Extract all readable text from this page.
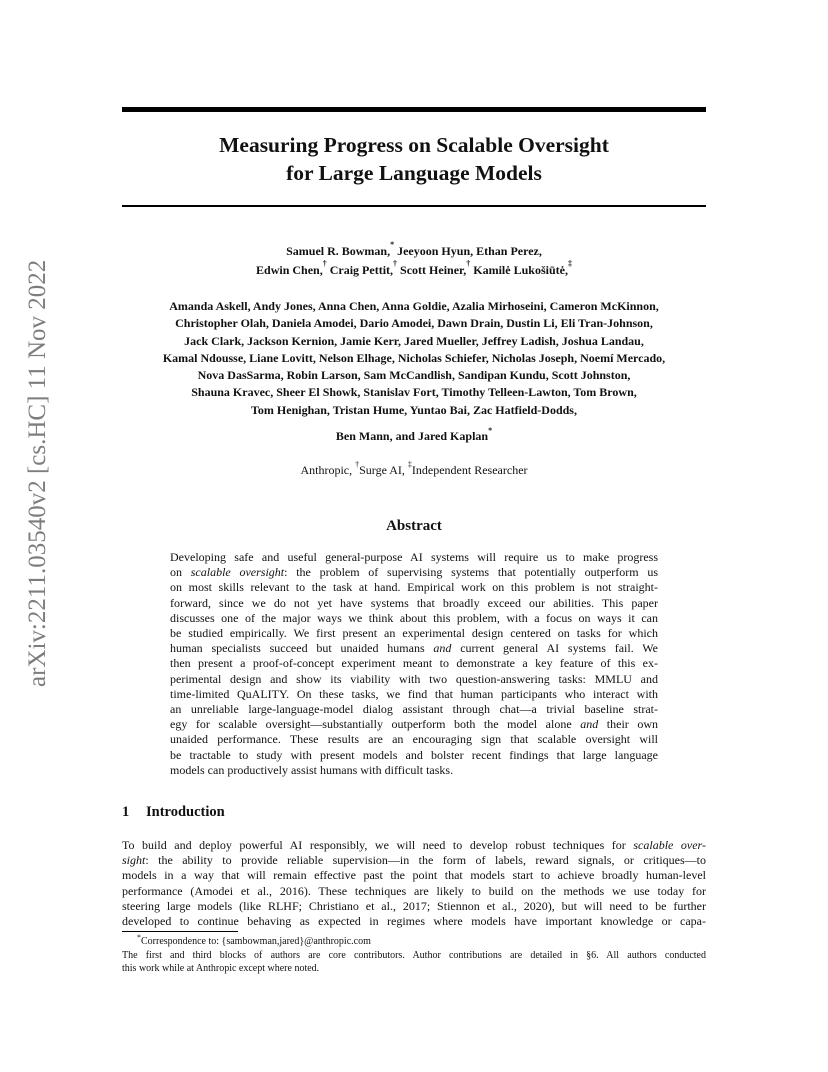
arXiv:2211.03540v2 [cs.HC] 11 Nov 2022
Measuring Progress on Scalable Oversight
for Large Language Models
Samuel R. Bowman,* Jeeyoon Hyun, Ethan Perez,
Edwin Chen,† Craig Pettit,† Scott Heiner,† Kamilė Lukošiūtė,‡
Amanda Askell, Andy Jones, Anna Chen, Anna Goldie, Azalia Mirhoseini, Cameron McKinnon,
Christopher Olah, Daniela Amodei, Dario Amodei, Dawn Drain, Dustin Li, Eli Tran-Johnson,
Jack Clark, Jackson Kernion, Jamie Kerr, Jared Mueller, Jeffrey Ladish, Joshua Landau,
Kamal Ndousse, Liane Lovitt, Nelson Elhage, Nicholas Schiefer, Nicholas Joseph, Noemí Mercado,
Nova DasSarma, Robin Larson, Sam McCandlish, Sandipan Kundu, Scott Johnston,
Shauna Kravec, Sheer El Showk, Stanislav Fort, Timothy Telleen-Lawton, Tom Brown,
Tom Henighan, Tristan Hume, Yuntao Bai, Zac Hatfield-Dodds,
Ben Mann, and Jared Kaplan*
Anthropic, †Surge AI, ‡Independent Researcher
Abstract
Developing safe and useful general-purpose AI systems will require us to make progress
on scalable oversight: the problem of supervising systems that potentially outperform us
on most skills relevant to the task at hand. Empirical work on this problem is not straight-
forward, since we do not yet have systems that broadly exceed our abilities. This paper
discusses one of the major ways we think about this problem, with a focus on ways it can
be studied empirically. We first present an experimental design centered on tasks for which
human specialists succeed but unaided humans and current general AI systems fail. We
then present a proof-of-concept experiment meant to demonstrate a key feature of this ex-
perimental design and show its viability with two question-answering tasks: MMLU and
time-limited QuALITY. On these tasks, we find that human participants who interact with
an unreliable large-language-model dialog assistant through chat—a trivial baseline strat-
egy for scalable oversight—substantially outperform both the model alone and their own
unaided performance. These results are an encouraging sign that scalable oversight will
be tractable to study with present models and bolster recent findings that large language
models can productively assist humans with difficult tasks.
1 Introduction
To build and deploy powerful AI responsibly, we will need to develop robust techniques for scalable over-
sight: the ability to provide reliable supervision—in the form of labels, reward signals, or critiques—to
models in a way that will remain effective past the point that models start to achieve broadly human-level
performance (Amodei et al., 2016). These techniques are likely to build on the methods we use today for
steering large models (like RLHF; Christiano et al., 2017; Stiennon et al., 2020), but will need to be further
developed to continue behaving as expected in regimes where models have important knowledge or capa-
*Correspondence to: {sambowman,jared}@anthropic.com
The first and third blocks of authors are core contributors. Author contributions are detailed in §6. All authors conducted
this work while at Anthropic except where noted.
